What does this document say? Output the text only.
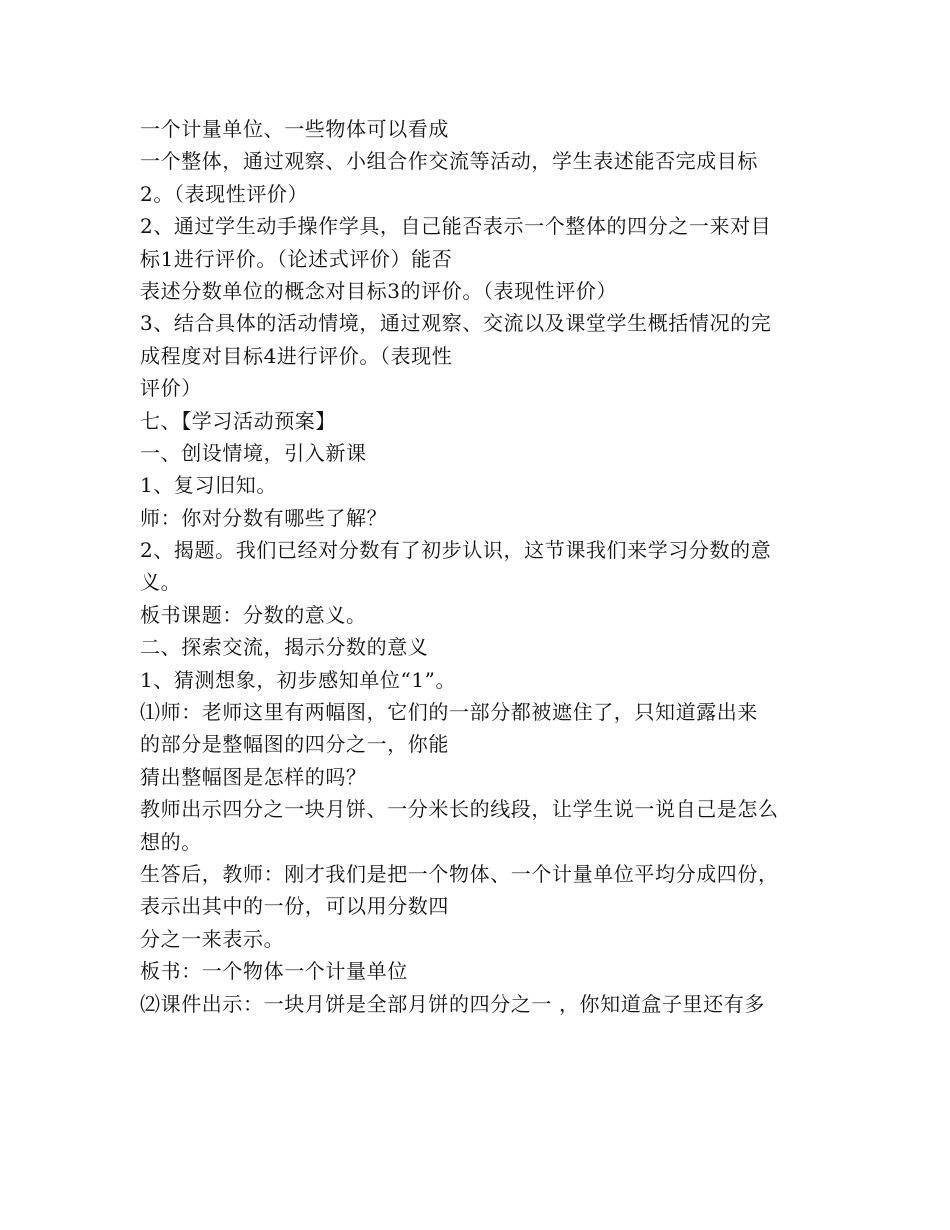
一个计量单位、一些物体可以看成
一个整体，通过观察、小组合作交流等活动，学生表述能否完成目标
2。（表现性评价）
2、通过学生动手操作学具，自己能否表示一个整体的四分之一来对目
标1进行评价。（论述式评价）能否
表述分数单位的概念对目标3的评价。（表现性评价）
3、结合具体的活动情境，通过观察、交流以及课堂学生概括情况的完
成程度对目标4进行评价。（表现性
评价）
七、【学习活动预案】
一、创设情境，引入新课
1、复习旧知。
师：你对分数有哪些了解？
2、揭题。我们已经对分数有了初步认识，这节课我们来学习分数的意
义。
板书课题：分数的意义。
二、探索交流，揭示分数的意义
1、猜测想象，初步感知单位“1”。
⑴师：老师这里有两幅图，它们的一部分都被遮住了，只知道露出来
的部分是整幅图的四分之一，你能
猜出整幅图是怎样的吗？
教师出示四分之一块月饼、一分米长的线段，让学生说一说自己是怎么
想的。
生答后，教师：刚才我们是把一个物体、一个计量单位平均分成四份，
表示出其中的一份，可以用分数四
分之一来表示。
板书：一个物体一个计量单位
⑵课件出示：一块月饼是全部月饼的四分之一 ，你知道盒子里还有多
